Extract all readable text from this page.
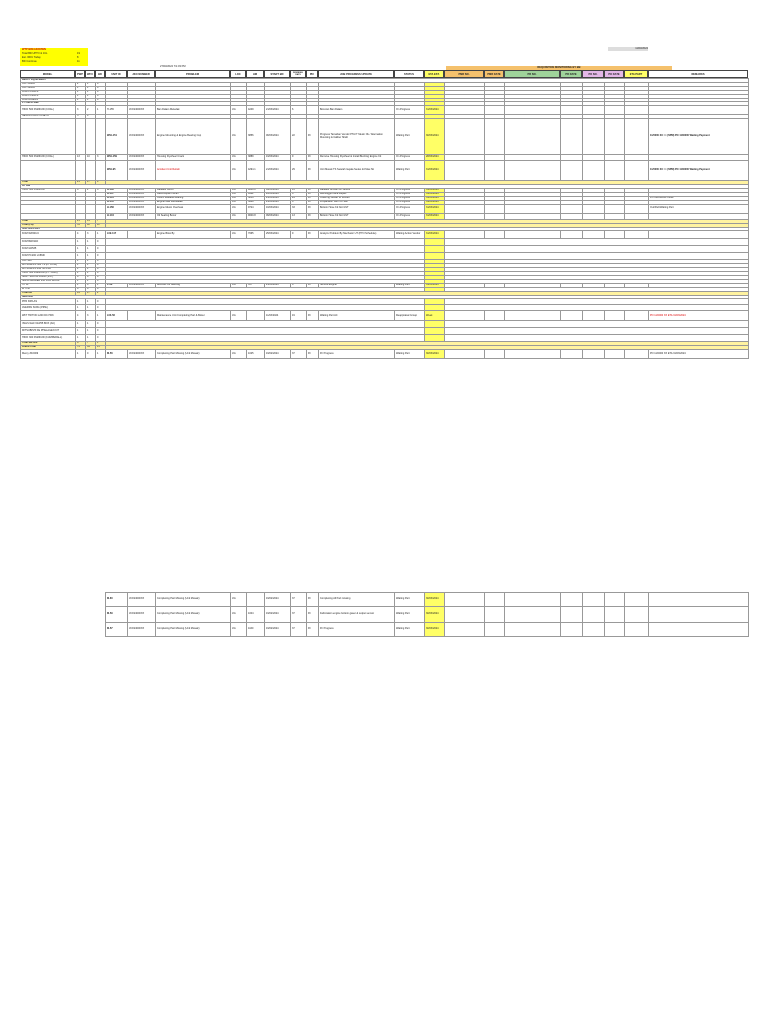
11/03/2024
WTP BREAKDOWN
Total BD UPTO & JUL	19
Est. WFU Today	8
BD Continue	11
27/03/2024 7/1:03 PM	REQUISITION MONITORING BY BB
MODEL	PWP	WFU	BD	UNIT ID	JKO NUMBER	PROBLEM	LOC	HM	START BD	WORKING DAYS	PIC	JOB PROGRESS UPDATE	STATUS	ETA EST.	PMR NO.	PMR DATE	PR NO.	PR DATE	PO NO.	PO DATE	ETA PART	REMARKS
HEAVY EQUIPMENT																						
CAT 336D2	2	1	0																			
CAT 320D2	1	1	0																			
KOM PC300-8	1	1	0																			
KOM PC200-8	1	1	0																			
KOM D85ESS	1	1	0																			
LT FIELD WEL																						
HINO 500 FM260JD (COAL)	3	2	1	H-155	JKO24000XX	Ban Dalam Meledak	JIA	4249	21/03/2024	6		Bocoran Ban Dalam	On Progress	31/03/2024								
NEW ASTRA 2TONETO	5	4																				
				W/H-151	JKO24000XX	Engine Mounting & Engine Bearing Cup	JIA	3856	06/03/2024	22	Pc	Progress Tamahan Vendor PTA IT Mesin Ok / Alternation Mounting & Caliber Shaft	Waiting Part	30/03/2024								11/0000 XX => (SPM) PO 1130000 Waiting Payment
HINO 500 FM260JD (COAL)	13	10	3	W/H-159	JKO24000XX	Housing Flywheel Crack	JIA	3889	19/03/2024	9	Pc	Remove Housing Flywheel & Install Bushing Engine Kit	On Progress	28/03/2024								
				W/H-95	JKO24000XX	Accident Unit Rebah	JIA	4294.1	21/03/2024	29	Pc	Unit Masuk TS Setelah Gejala Sedes 2d Mau Sti	Waiting Part	31/03/2024								11/0000 XX => (SPM) PO 1130000 Waiting Payment
Total	21	17	4																			
GT HM																						
HINO 500 FM260JD	8	2	6	H-160	JKO24000XX	Radiator Bocor	JIA	9000.8	09/03/2024	13	Pc	Radiator Antrian Ke Vendor	On Progress	31/03/2024								
				H-147	JKO24000XX	Kaca Depan Pecah	JIA	8562	26/03/2024	6	Pc	Menunggu Kaca Depan	On Progress	31/03/2024								
				H-161	JKO24000XX	Clutch Release Bearing	JIA	5256	21/03/2024	29	Pc	Ordering Vessel To Vendor	On Progress	31/03/2024								PO 181011124 Close
				H-155	JKO24000XX	Engine Mati Mendadak	JIA	5089	21/03/2024	6	Pc	Preparation With On Site	On Progress	31/03/2024								
				H-158	JKO24000XX	Engine Mesin Overheat	JIA	9724	16/03/2024	33	Pc	Bottom Hose Kit Not GST	On Progress	31/03/2024								Out/Part/Waiting Part
				H-144	JKO24000XX	Oil Sealing Bocor	JIA	9000.8	09/03/2024	13	Pc	Bottom Hose Kit Not GST	On Progress	31/03/2024								
Total	21	14	7																			
Total (FN)	51	40	11																			
SUB SUPPORT																						
KOM WA500-6	4	3	1	L09-117		Engine Blow By	JIA	7665	25/03/2024	9	Pc	Analyze Problem By Mechanic UT (PTN Schedule)	Waiting Action Vendor	31/03/2024								
KOM BW211D	1	1	0																			
KOM GD535	1	1	0																			
KOM PC200 LC8M0	1	1	0																			
CAT 910	1	1	0																			
MITSUBISHI 500 TS (FT LOW)	1	1	0																			
MITSUBISHI 240 HD FLR	1	1	0																			
HINO 500 FM260JD (FT. TANK)	1	1	0																			
SANY SANTAI 10000 (SST)	0	0	0																			
SDLG GRADER 230 FOR BOOM	1	1	0																			
HT 11	1	0	1	P-38	JKO24000XX	Bocoran Oli Steering	JIA	357	21/03/2024	6	Pc	Service Engine	Waiting Part	31/03/2024								
WT Lift	0	0	0																			
Total BD	19	17	2																			
SERVICE																						
PPR 30PLAS	1	1	0																			
AVEDSN SC8G (PIPE)	1	1	0																			
WFT TRITON L200 DC HDK	4	3	1	L03-56		Maintenance Unit Completing Part & Boker	JIA		11/03/2024	19	Pc	Waiting Part AC	Reappraisal Group	Week								PO 11/0000 XX ETA 31/03/2024
ISUZU ELF NLR55 BOX (AC)	1	1	0																			
MITSUBISHI FE PHELAGEN KIT	1	1	0																			
HINO 300 FM260JD (KUMPERALL)	1	1	0																			
Total Service	8	7	1																			
Grand Total	79	64	15																			
Mercy ZF2009	1	0	1	M-56	JKO24000XX	Completing Part Missing (Unit Mosaic)	JIA	1025	19/02/2024	37	Pc	Pc Progress	Waiting Part	30/03/2024								PO 11/0000 XX ETA 31/03/2024
M-60	JKO24000XX	Completing Part Missing (Unit Mosaic)	JIA		19/02/2024	37	Pc	Completing All Part missing	Waiting Part	30/03/2024								
M-59	JKO24000XX	Completing Part Missing (Unit Mosaic)	JIA	1004	19/02/2024	37	Pc	Fabrication engine bottom gaser & output sensor	Waiting Part	30/03/2024								
M-57	JKO24000XX	Completing Part Missing (Unit Mosaic)	JIA	1160	19/02/2024	37	Pc	Pc Progress	Waiting Part	30/03/2024								
